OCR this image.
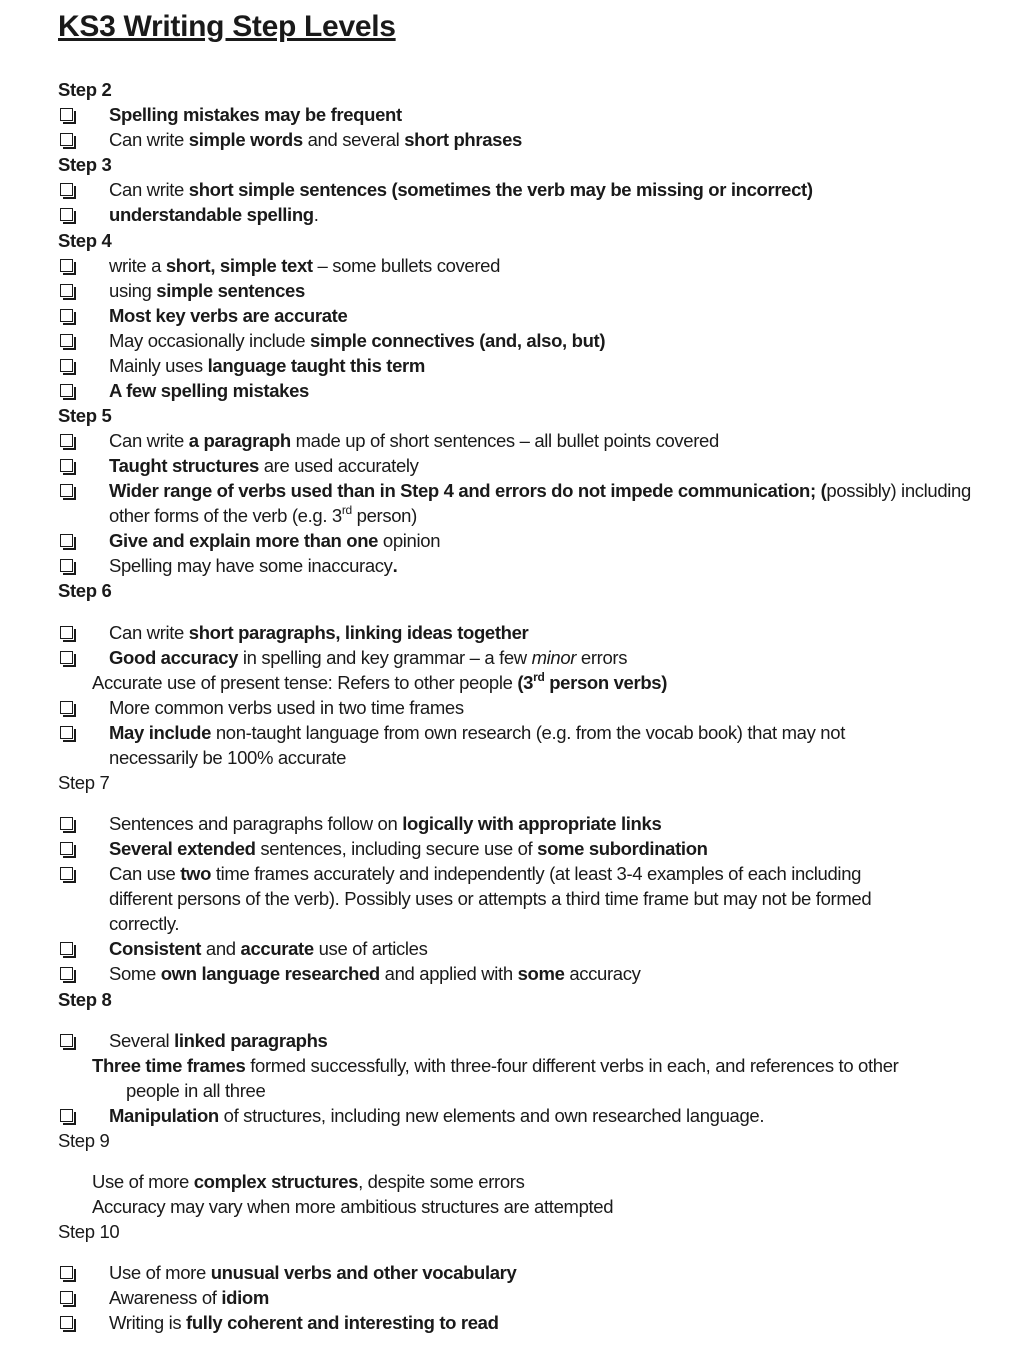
KS3 Writing Step Levels
Step 2
Spelling mistakes may be frequent
Can write simple words and several short phrases
Step 3
Can write short simple sentences (sometimes the verb may be missing or incorrect)
understandable spelling.
Step 4
write a short, simple text – some bullets covered
using simple sentences
Most key verbs are accurate
May occasionally include simple connectives (and, also, but)
Mainly uses language taught this term
A few spelling mistakes
Step 5
Can write a paragraph made up of short sentences – all bullet points covered
Taught structures are used accurately
Wider range of verbs used than in Step 4 and errors do not impede communication; (possibly) including
other forms of the verb (e.g. 3rd person)
Give and explain more than one opinion
Spelling may have some inaccuracy.
Step 6
Can write short paragraphs, linking ideas together
Good accuracy in spelling and key grammar – a few minor errors
Accurate use of present tense: Refers to other people (3rd person verbs)
More common verbs used in two time frames
May include non-taught language from own research (e.g. from the vocab book) that may not
necessarily be 100% accurate
Step 7
Sentences and paragraphs follow on logically with appropriate links
Several extended sentences, including secure use of some subordination
Can use two time frames accurately and independently (at least 3-4 examples of each including
different persons of the verb). Possibly uses or attempts a third time frame but may not be formed
correctly.
Consistent and accurate use of articles
Some own language researched and applied with some accuracy
Step 8
Several linked paragraphs
Three time frames formed successfully, with three-four different verbs in each, and references to other
people in all three
Manipulation of structures, including new elements and own researched language.
Step 9
Use of more complex structures, despite some errors
Accuracy may vary when more ambitious structures are attempted
Step 10
Use of more unusual verbs and other vocabulary
Awareness of idiom
Writing is fully coherent and interesting to read
